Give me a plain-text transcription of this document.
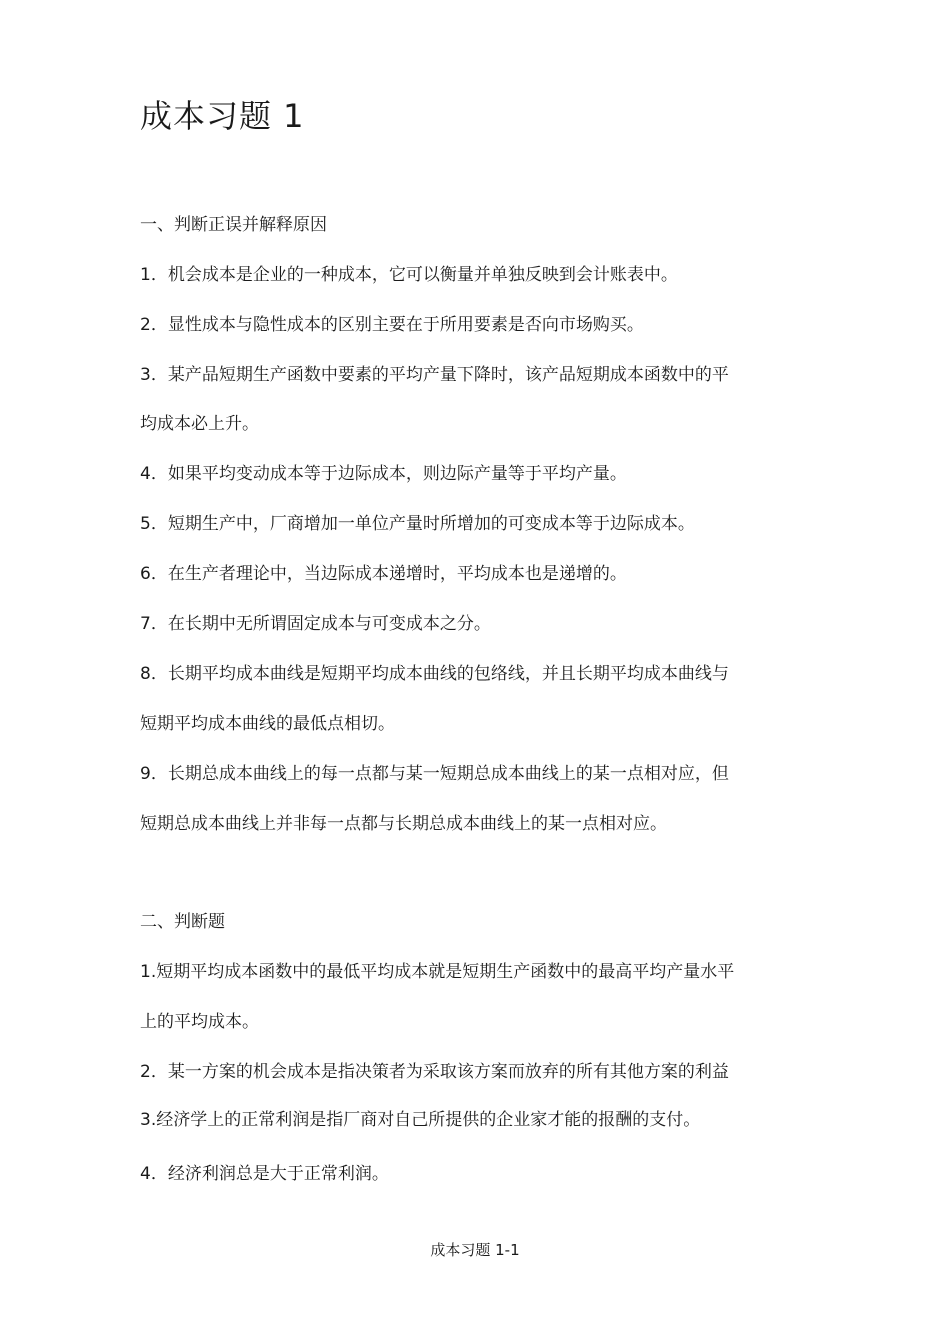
成本习题 1

一、判断正误并解释原因

1．机会成本是企业的一种成本，它可以衡量并单独反映到会计账表中。

2．显性成本与隐性成本的区别主要在于所用要素是否向市场购买。

3．某产品短期生产函数中要素的平均产量下降时，该产品短期成本函数中的平

均成本必上升。

4．如果平均变动成本等于边际成本，则边际产量等于平均产量。

5．短期生产中，厂商增加一单位产量时所增加的可变成本等于边际成本。

6．在生产者理论中，当边际成本递增时，平均成本也是递增的。

7．在长期中无所谓固定成本与可变成本之分。

8．长期平均成本曲线是短期平均成本曲线的包络线，并且长期平均成本曲线与

短期平均成本曲线的最低点相切。

9．长期总成本曲线上的每一点都与某一短期总成本曲线上的某一点相对应，但

短期总成本曲线上并非每一点都与长期总成本曲线上的某一点相对应。

二、判断题

1.短期平均成本函数中的最低平均成本就是短期生产函数中的最高平均产量水平

上的平均成本。

2．某一方案的机会成本是指决策者为采取该方案而放弃的所有其他方案的利益

3.经济学上的正常利润是指厂商对自己所提供的企业家才能的报酬的支付。

4．经济利润总是大于正常利润。

成本习题 1-1
